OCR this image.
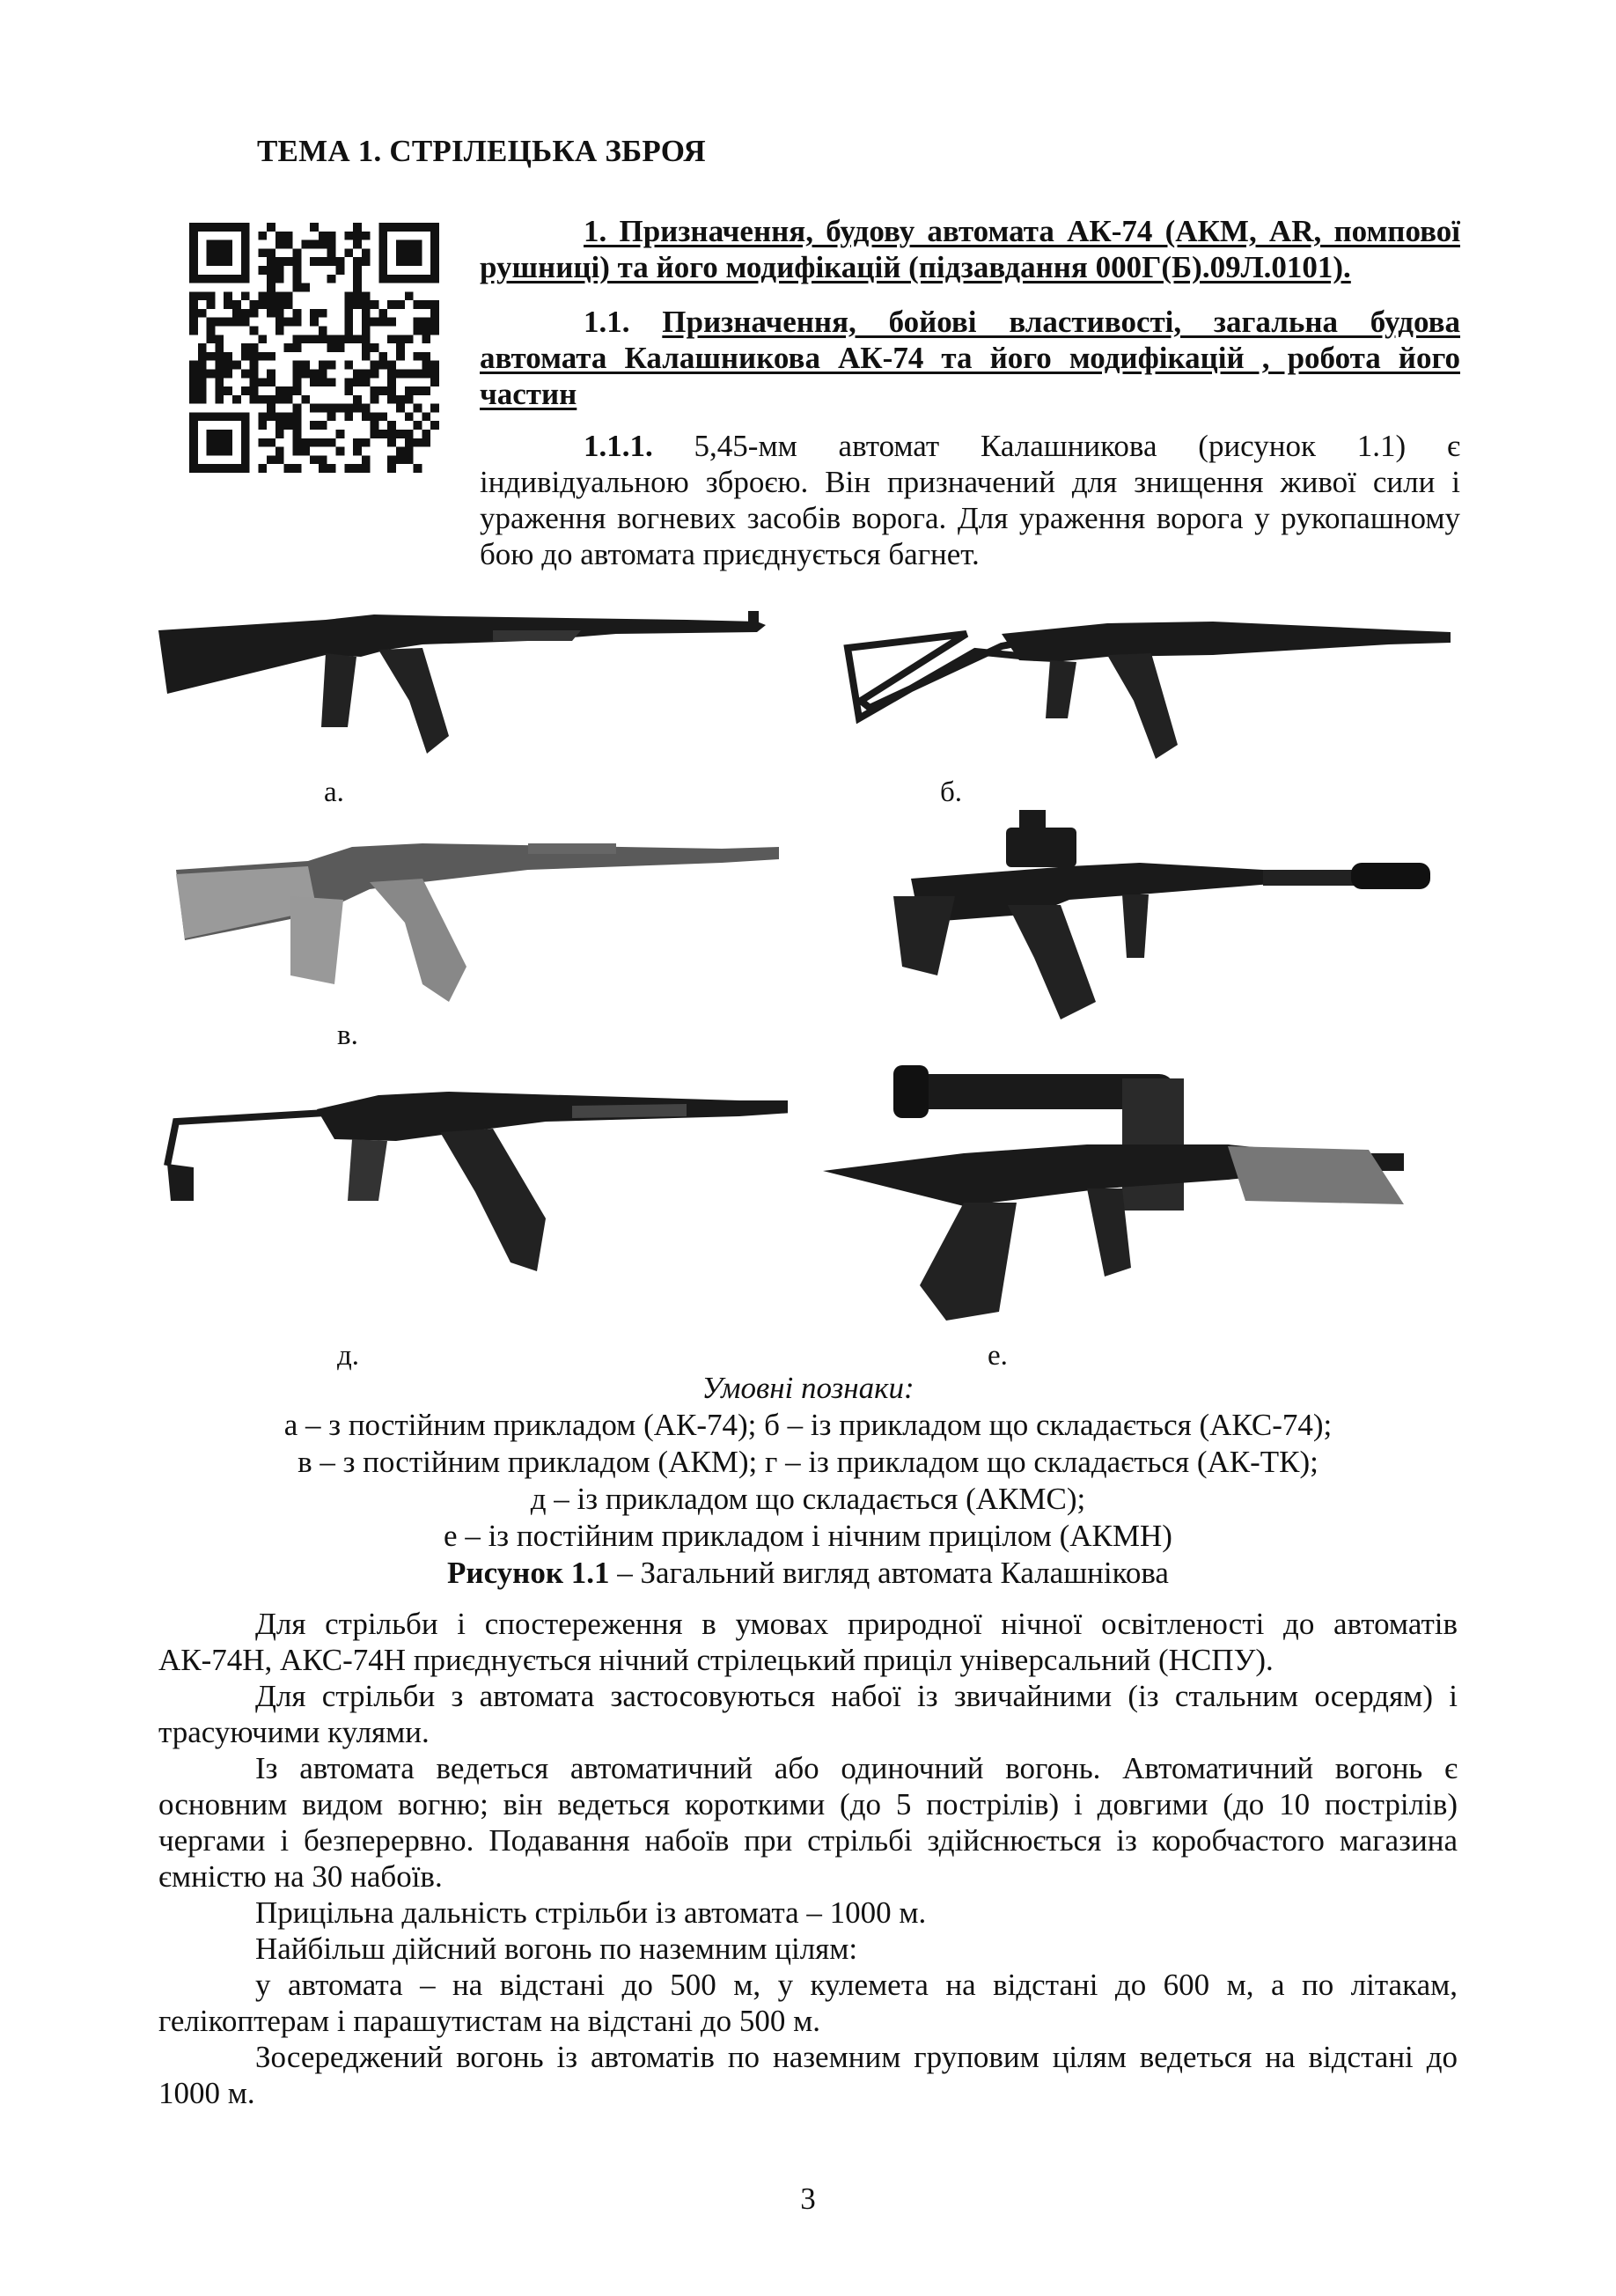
ТЕМА 1. СТРІЛЕЦЬКА ЗБРОЯ
1. Призначення, будову автомата АК-74 (АКМ, AR, помпової рушниці) та його модифікацій (підзавдання 000Г(Б).09Л.0101).
1.1. Призначення, бойові властивості, загальна будова автомата Калашникова АК-74 та його модифікацій , робота його частин
1.1.1. 5,45-мм автомат Калашникова (рисунок 1.1) є індивідуальною зброєю. Він призначений для знищення живої сили і ураження вогневих засобів ворога. Для ураження ворога у рукопашному бою до автомата приєднується багнет.
а.	б.
в.
д.	е.
Умовні познаки:
а – з постійним прикладом (АК-74); б – із прикладом що складається (АКС-74);
в – з постійним прикладом (АКМ); г – із прикладом що складається (АК-ТК);
д – із прикладом що складається (АКМС);
е – із постійним прикладом і нічним прицілом (АКМН)
Рисунок 1.1 – Загальний вигляд автомата Калашнікова
Для стрільби і спостереження в умовах природної нічної освітленості до автоматів АК-74Н, АКС-74Н приєднується нічний стрілецький приціл універсальний (НСПУ).
Для стрільби з автомата застосовуються набої із звичайними (із стальним осердям) і трасуючими кулями.
Із автомата ведеться автоматичний або одиночний вогонь. Автоматичний вогонь є основним видом вогню; він ведеться короткими (до 5 пострілів) і довгими (до 10 пострілів) чергами і безперервно. Подавання набоїв при стрільбі здійснюється із коробчастого магазина ємністю на 30 набоїв.
Прицільна дальність стрільби із автомата – 1000 м.
Найбільш дійсний вогонь по наземним цілям:
у автомата – на відстані до 500 м, у кулемета на відстані до 600 м, а по літакам, гелікоптерам і парашутистам на відстані до 500 м.
Зосереджений вогонь із автоматів по наземним груповим цілям ведеться на відстані до 1000 м.
3
